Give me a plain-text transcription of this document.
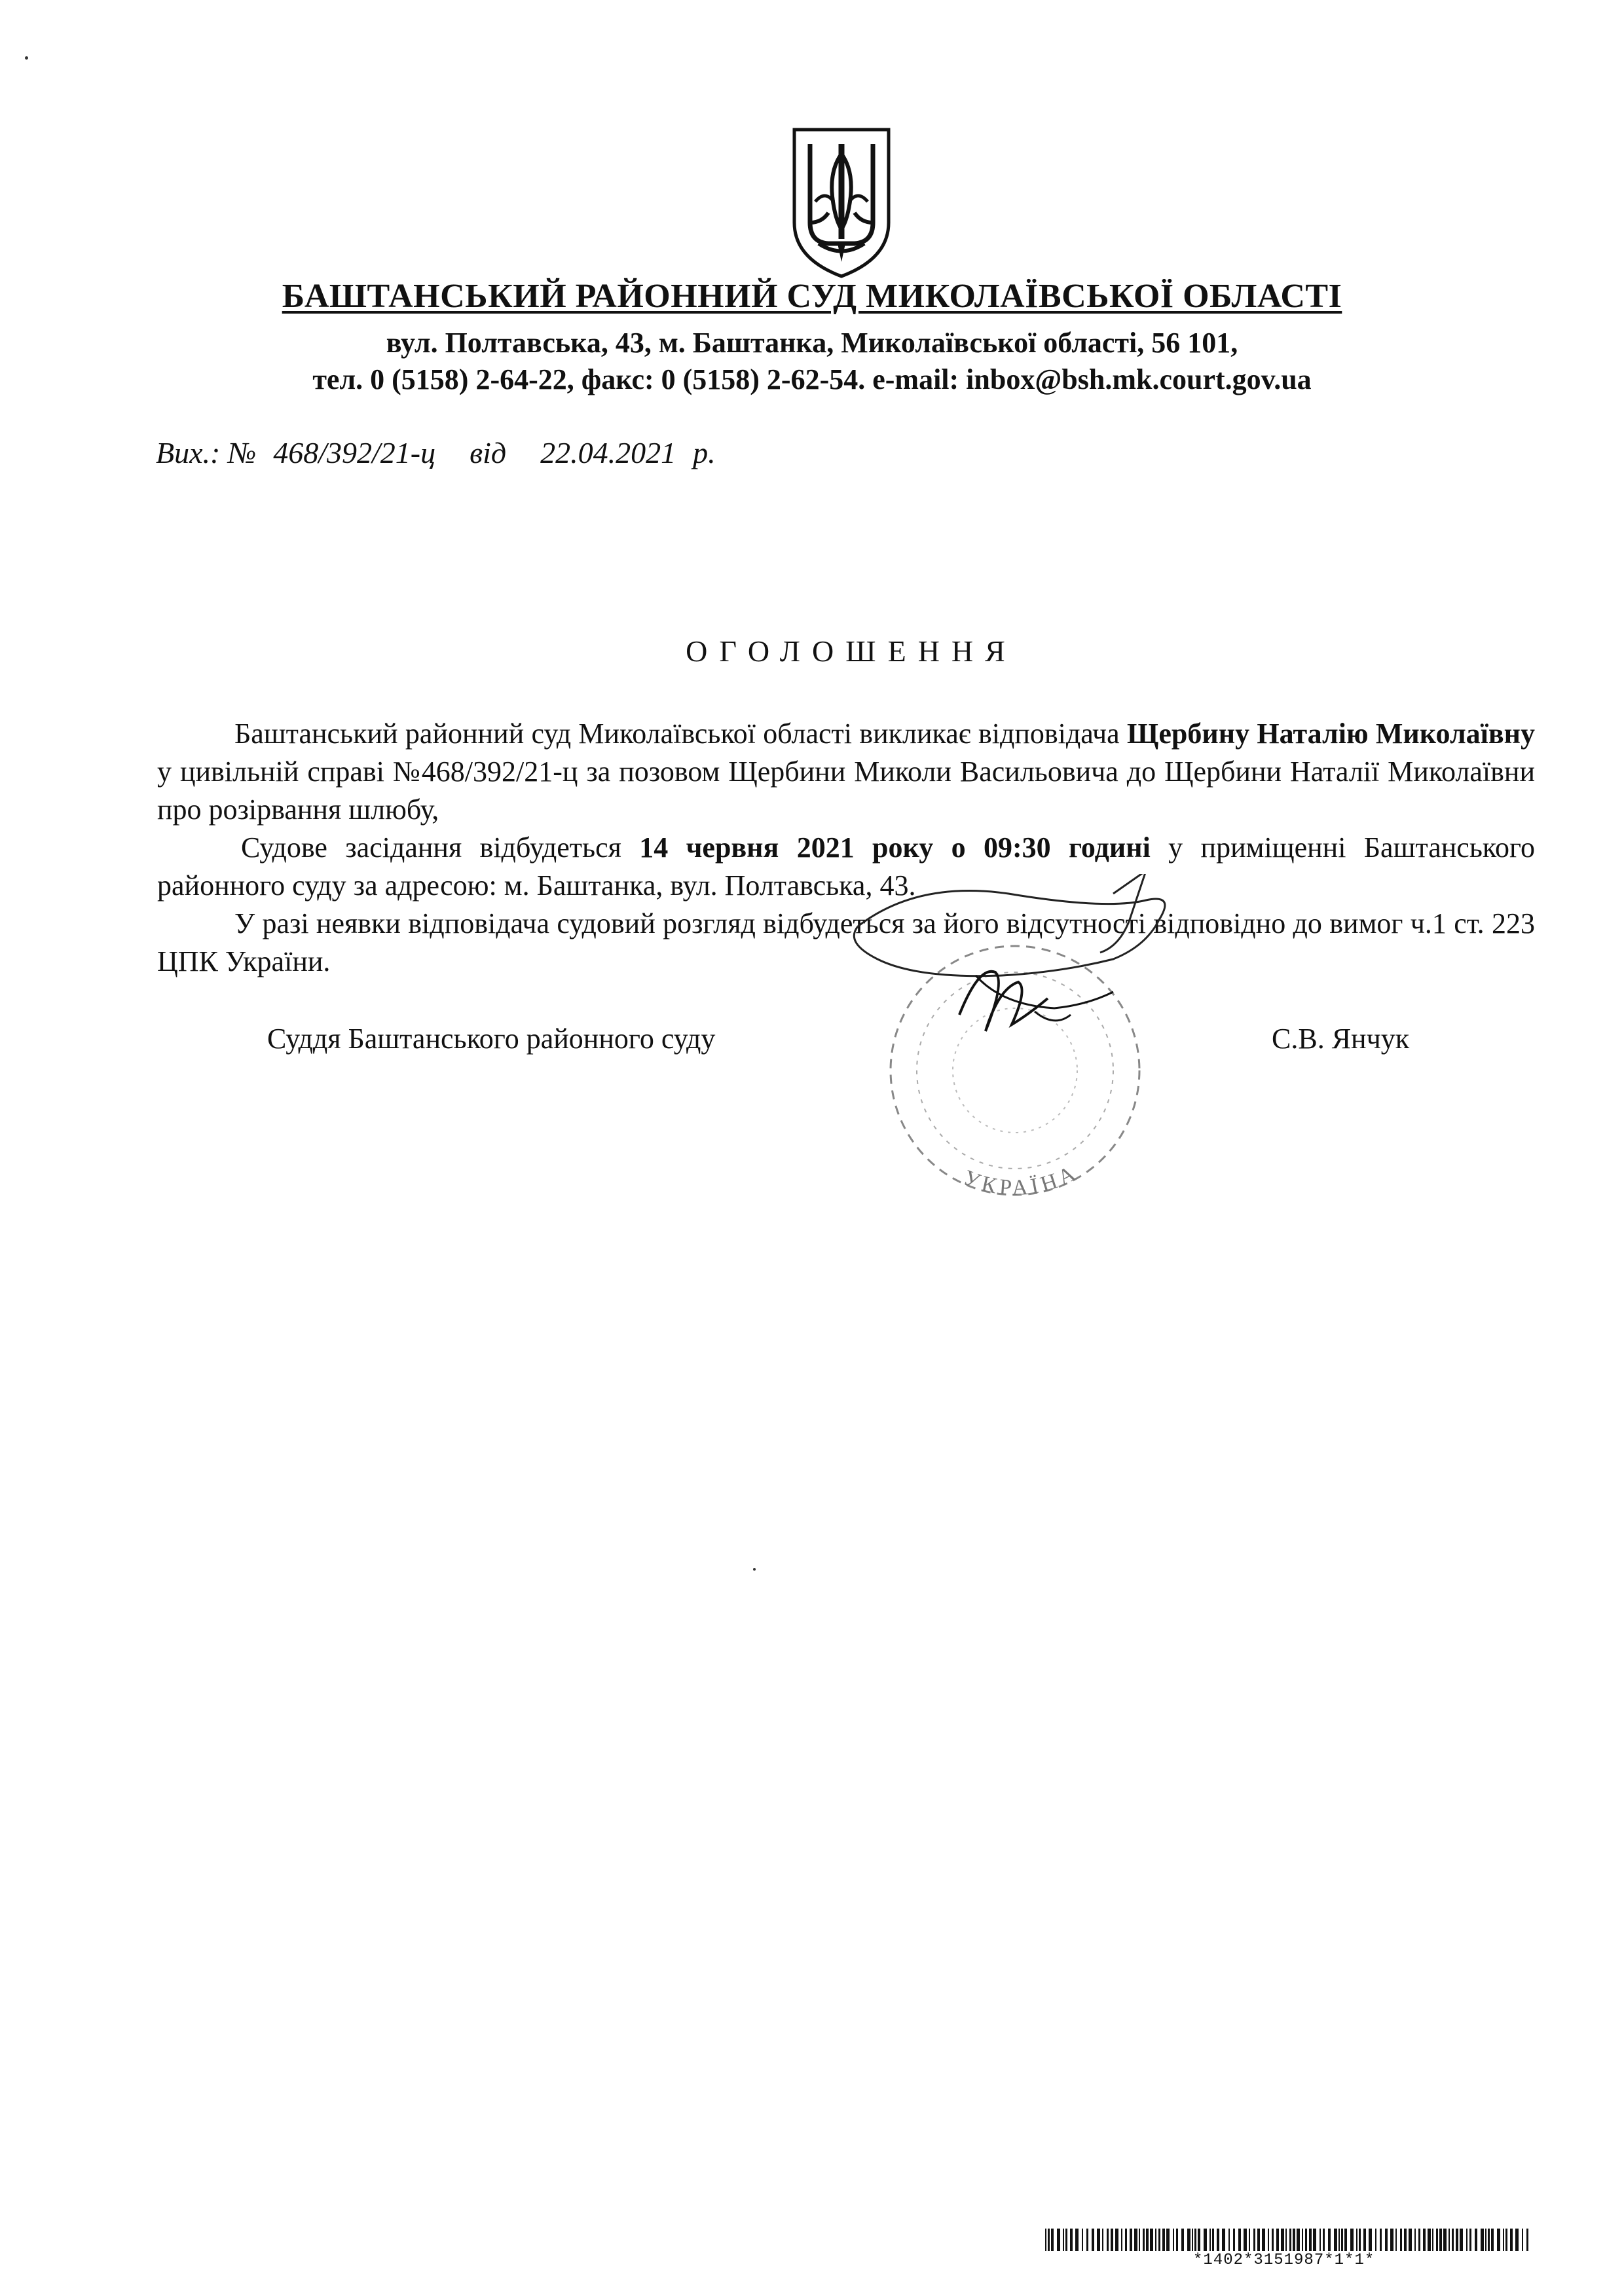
БАШТАНСЬКИЙ РАЙОННИЙ СУД МИКОЛАЇВСЬКОЇ ОБЛАСТІ
вул. Полтавська, 43, м. Баштанка, Миколаївської області, 56 101,
тел. 0 (5158) 2-64-22, факс: 0 (5158) 2-62-54. e-mail: inbox@bsh.mk.court.gov.ua
Вих.: № 468/392/21-ц від 22.04.2021 р.
ОГОЛОШЕННЯ

Баштанський районний суд Миколаївської області викликає відповідача Щербину Наталію Миколаївну у цивільній справі №468/392/21-ц за позовом Щербини Миколи Васильовича до Щербини Наталії Миколаївни про розірвання шлюбу,

Судове засідання відбудеться 14 червня 2021 року о 09:30 годині у приміщенні Баштанського районного суду за адресою: м. Баштанка, вул. Полтавська, 43.

У разі неявки відповідача судовий розгляд відбудеться за його відсутності відповідно до вимог ч.1 ст. 223 ЦПК України.

УКРАЇНА
Суддя Баштанського районного суду	С.В. Янчук
*1402*3151987*1*1*
